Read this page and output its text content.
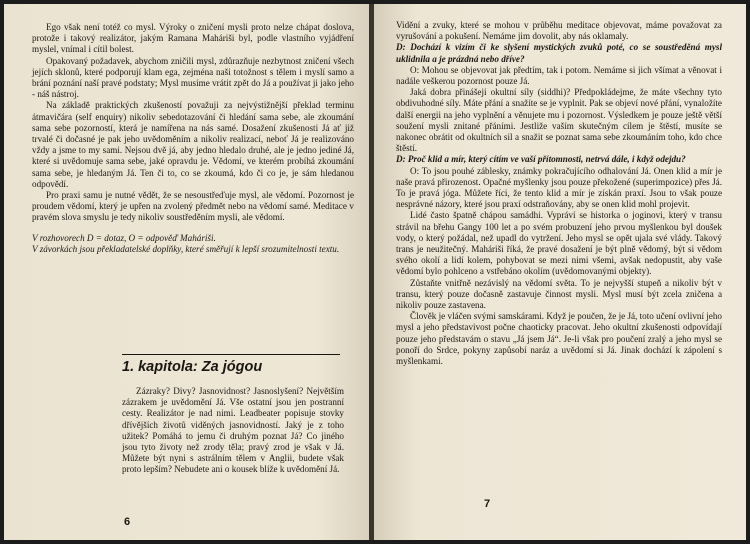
Ego však není totéž co mysl. Výroky o zničení mysli proto nelze chápat doslova, protože i takový realizátor, jakým Ramana Maháriši byl, podle vlastního vyjádření myslel, vnímal i cítil bolest.

Opakovaný požadavek, abychom zničili mysl, zdůrazňuje nezbytnost zničení všech jejích sklonů, které podporují klam ega, zejména naši totožnost s tělem i myslí samo a brání poznání naší pravé podstaty; Mysl musíme vrátit zpět do Já a používat ji jako jeho - náš nástroj.

Na základě praktických zkušeností považuji za nejvýstižnější překlad terminu átmavičára (self enquiry) nikoliv sebedotazování či hledání sama sebe, ale zkoumání sama sebe pozorností, která je namířena na nás samé. Dosažení zkušenosti Já ať již trvalé či dočasné je pak jeho uvědoměním a nikoliv realizací, neboť Já je realizováno vždy a jsme to my sami. Nejsou dvě já, aby jedno hledalo druhé, ale je jedno jediné Já, které si uvědomuje sama sebe, jaké opravdu je. Vědomí, ve kterém probíhá zkoumání sama sebe, je hledaným Já. Ten či to, co se zkoumá, kdo či co je, je sám hledanou odpovědí.

Pro praxi samu je nutné vědět, že se nesoustřeďuje mysl, ale vědomí. Pozornost je proudem vědomí, který je upřen na zvolený předmět nebo na vědomí samé. Meditace v pravém slova smyslu je tedy nikoliv soustředěním mysli, ale vědomí.

V rozhovorech D = dotaz, O = odpověď Maháriši.

V závorkách jsou překladatelské doplňky, které směřují k lepší srozumitelnosti textu.

1. kapitola: Za jógou

Zázraky? Divy? Jasnovidnost? Jasnoslyšení? Největším zázrakem je uvědomění Já. Vše ostatní jsou jen postranní cesty. Realizátor je nad nimi. Leadbeater popisuje stovky dřívějších životů viděných jasnovidností. Jaký je z toho užitek? Pomáhá to jemu či druhým poznat Já? Co jiného jsou tyto životy než zrody těla; pravý zrod je však v Já. Můžete být nyni s astrálním tělem v Anglii, budete však proto lepším? Nebudete ani o kousek blíže k uvědomění Já.

6

Vidění a zvuky, které se mohou v průběhu meditace objevovat, máme považovat za vyrušování a pokušení. Nemáme jim dovolit, aby nás oklamaly.

D: Dochází k vizím či ke slyšení mystických zvuků poté, co se soustředěná mysl uklidnila a je prázdná nebo dříve?

O: Mohou se objevovat jak předtím, tak i potom. Nemáme si jich všímat a věnovat i nadále veškerou pozornost pouze Já.

Jaká dobra přinášejí okultní síly (siddhi)? Předpokládejme, že máte všechny tyto obdivuhodné síly. Máte přání a snažíte se je vyplnit. Pak se objeví nové přání, vynaložíte další energii na jeho vyplnění a věnujete mu i pozornost. Výsledkem je pouze ještě větší soužení mysli znitané přáními. Jestliže vaším skutečným cílem je štěstí, musíte se nakonec obrátit od okultních sil a snažit se poznat sama sebe zkoumáním toho, kdo chce štěstí.

D: Proč klid a mír, který cítím ve vaší přítomnosti, netrvá dále, i když odejdu?

O: To jsou pouhé záblesky, známky pokračujícího odhalování Já. Onen klid a mír je naše pravá přirozenost. Opačné myšlenky jsou pouze překožené (superimpozice) přes Já. To je pravá jóga. Můžete říci, že tento klid a mír je získán praxí. Jsou to však pouze nesprávné názory, které jsou praxí odstraňovány, aby se onen klid mohl projevit.

Lidé často špatně chápou samádhi. Vypráví se historka o joginovi, který v transu strávil na břehu Gangy 100 let a po svém probuzení jeho prvou myšlenkou byl doušek vody, o který požádal, než upadl do vytržení. Jeho mysl se opět ujala své vlády. Takový trans je neužitečný. Maháriši říká, že pravé dosažení je být plně vědomý, být si vědom svého okolí a lidí kolem, pohybovat se mezi nimi všemi, avšak nedopustit, aby vaše vědomí bylo pohlceno a vstřebáno okolím (uvědomovanými objekty).

Zůstaňte vnitřně nezávislý na vědomí světa. To je nejvyšší stupeň a nikoliv být v transu, který pouze dočasně zastavuje činnost mysli. Mysl musí být zcela zničena a nikoliv pouze zastavena.

Člověk je vláčen svými samskárami. Když je poučen, že je Já, toto učení ovlivní jeho mysl a jeho představivost počne chaoticky pracovat. Jeho okultní zkušenosti odpovídají pouze jeho představám o stavu „Já jsem Já“. Je-li však pro poučení zralý a jeho mysl se ponoří do Srdce, pokyny zapůsobí naráz a uvědomí si Já. Jinak dochází k zápolení s myšlenkami.

7
